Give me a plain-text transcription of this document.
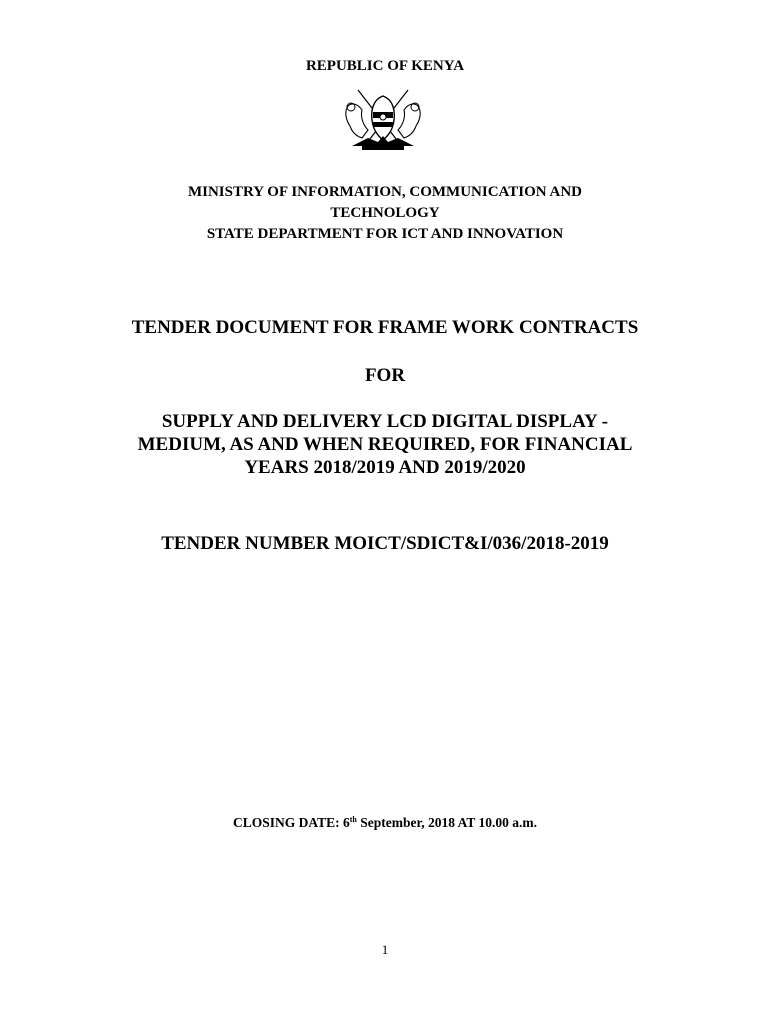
REPUBLIC OF KENYA
MINISTRY OF INFORMATION, COMMUNICATION AND
TECHNOLOGY
STATE DEPARTMENT FOR ICT AND INNOVATION
TENDER DOCUMENT FOR FRAME WORK CONTRACTS
FOR
SUPPLY AND DELIVERY LCD DIGITAL DISPLAY -
MEDIUM, AS AND WHEN REQUIRED, FOR FINANCIAL
YEARS 2018/2019 AND 2019/2020
TENDER NUMBER MOICT/SDICT&I/036/2018-2019
CLOSING DATE: 6th September, 2018 AT 10.00 a.m.
1
